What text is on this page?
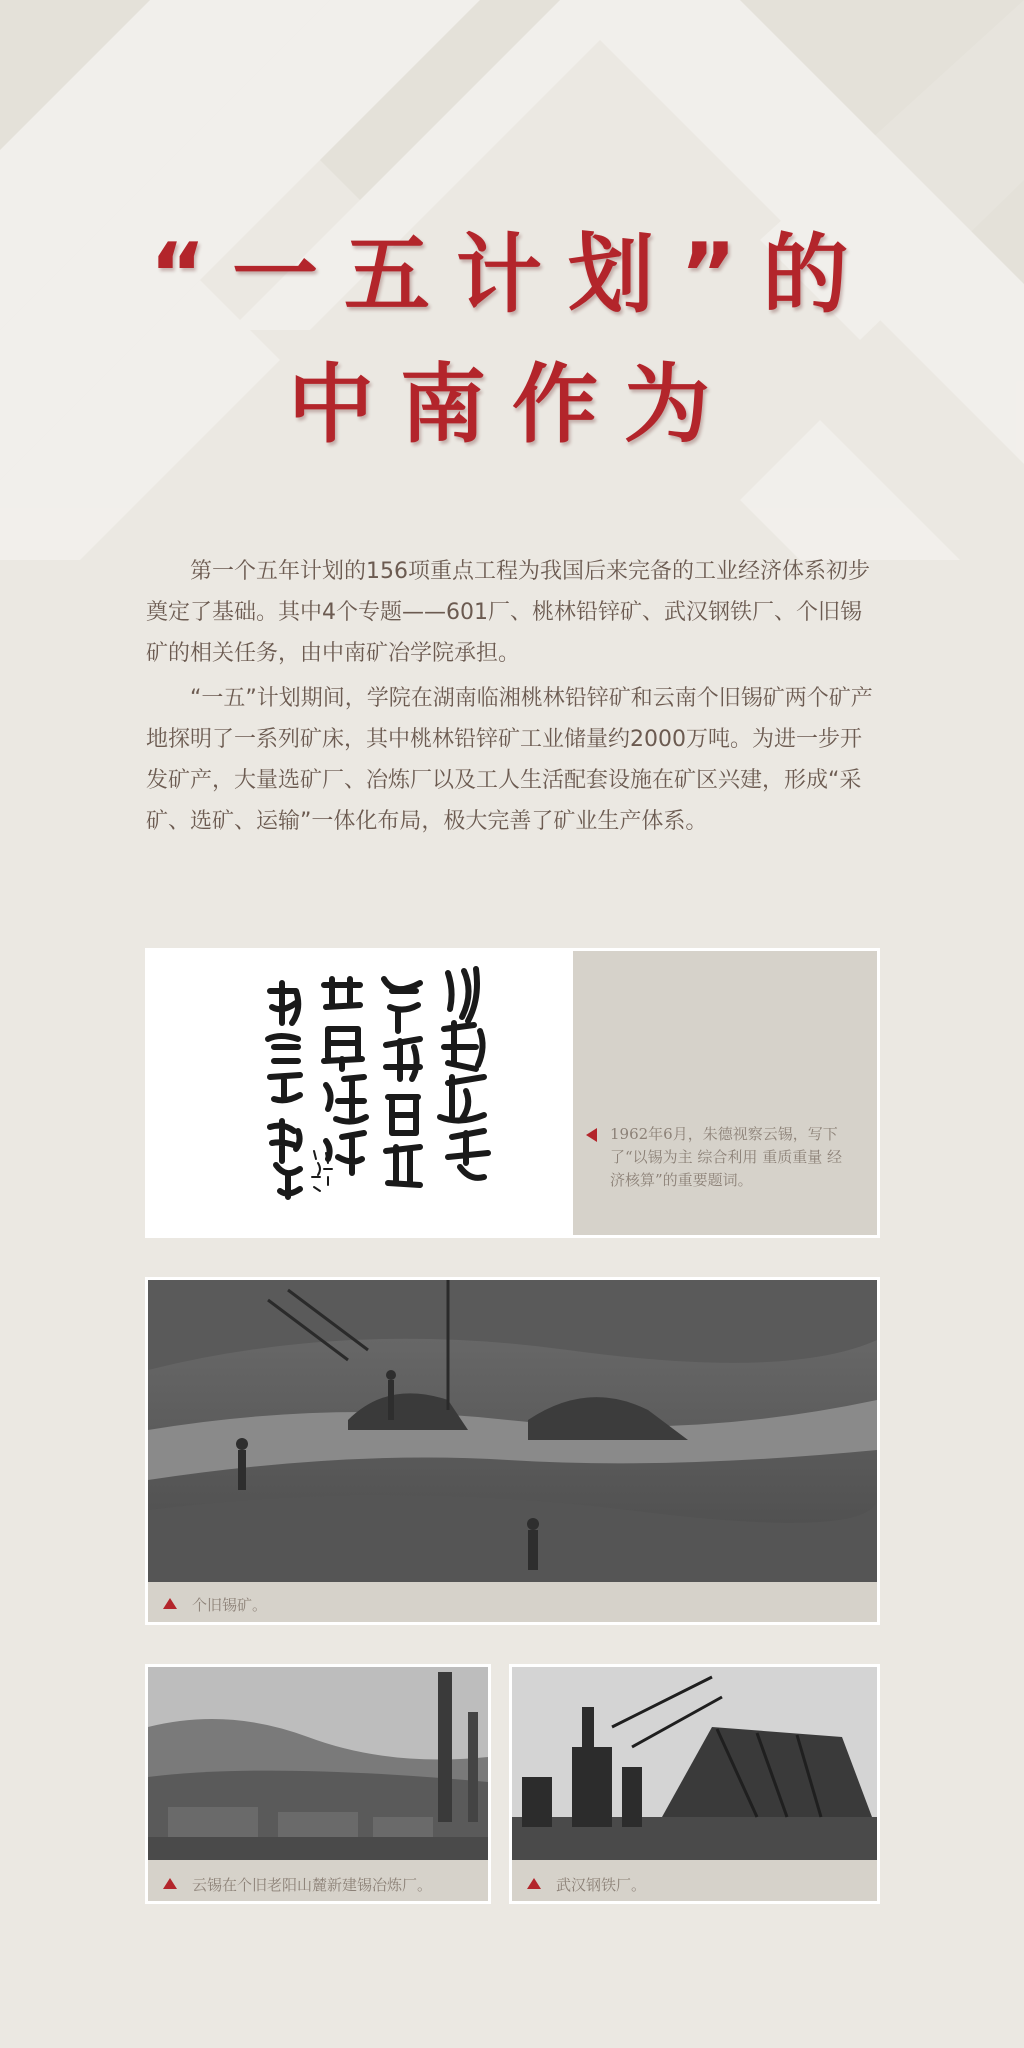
“一五计划”的
中南作为

第一个五年计划的156项重点工程为我国后来完备的工业经济体系初步奠定了基础。其中4个专题——601厂、桃林铅锌矿、武汉钢铁厂、个旧锡矿的相关任务，由中南矿冶学院承担。

“一五”计划期间，学院在湖南临湘桃林铅锌矿和云南个旧锡矿两个矿产地探明了一系列矿床，其中桃林铅锌矿工业储量约2000万吨。为进一步开发矿产，大量选矿厂、冶炼厂以及工人生活配套设施在矿区兴建，形成“采矿、选矿、运输”一体化布局，极大完善了矿业生产体系。

1962年6月，朱德视察云锡，写下了“以锡为主 综合利用 重质重量 经济核算”的重要题词。
个旧锡矿。
云锡在个旧老阳山麓新建锡冶炼厂。	武汉钢铁厂。
